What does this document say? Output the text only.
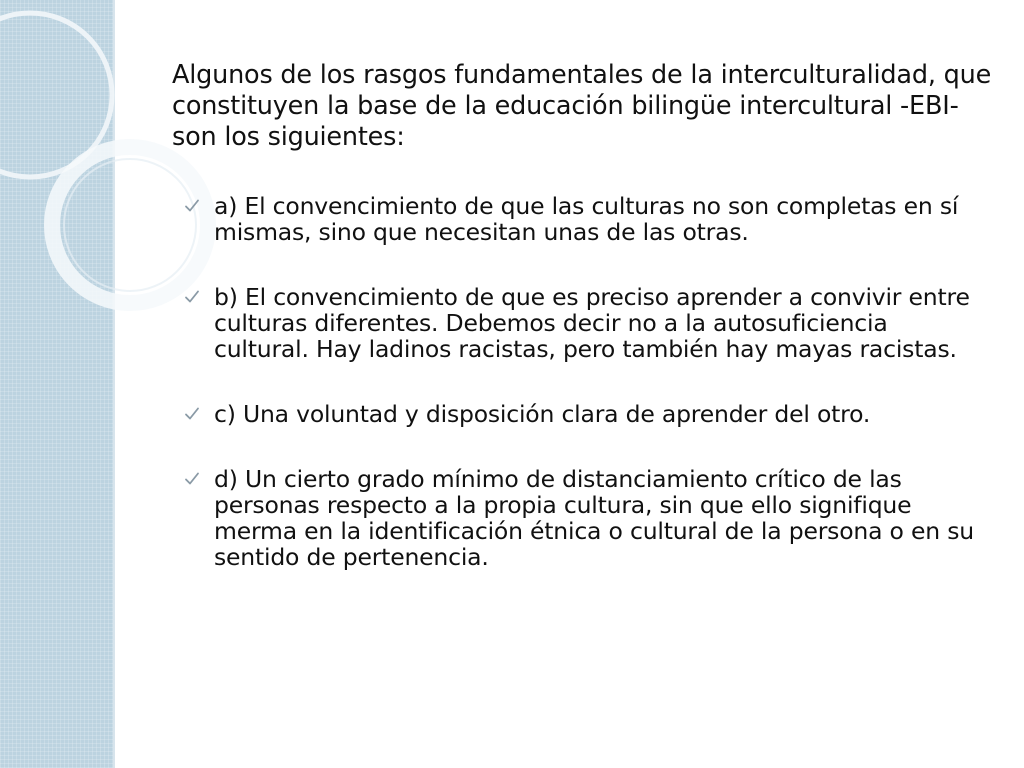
Algunos de los rasgos fundamentales de la interculturalidad, que constituyen la base de la educación bilingüe intercultural -EBI- son los siguientes:

a) El convencimiento de que las culturas no son completas en sí mismas, sino que necesitan unas de las otras.
b) El convencimiento de que es preciso aprender a convivir entre culturas diferentes. Debemos decir no a la autosuficiencia cultural. Hay ladinos racistas, pero también hay mayas racistas.
c) Una voluntad y disposición clara de aprender del otro.
d) Un cierto grado mínimo de distanciamiento crítico de las personas respecto a la propia cultura, sin que ello signifique merma en la identificación étnica o cultural de la persona o en su sentido de pertenencia.
